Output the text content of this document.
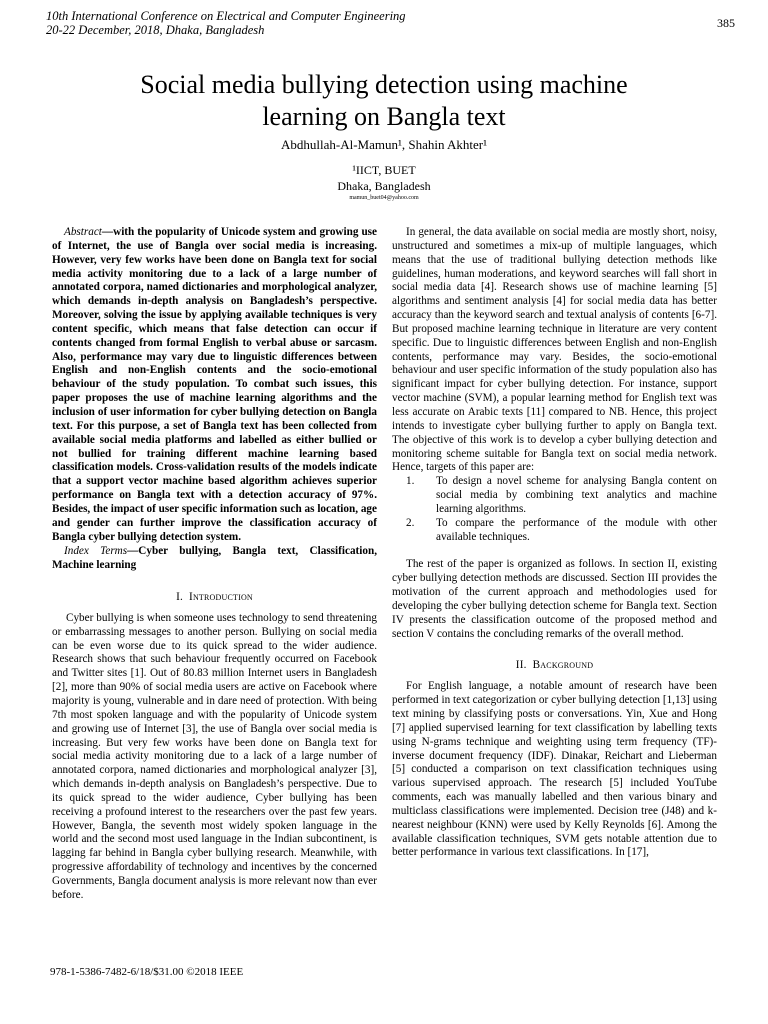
10th International Conference on Electrical and Computer Engineering
20-22 December, 2018, Dhaka, Bangladesh	385
Social media bullying detection using machine
learning on Bangla text
Abdhullah-Al-Mamun¹, Shahin Akhter¹
¹IICT, BUET
Dhaka, Bangladesh
mamun_buet04@yahoo.com

Abstract—with the popularity of Unicode system and growing use of Internet, the use of Bangla over social media is increasing. However, very few works have been done on Bangla text for social media activity monitoring due to a lack of a large number of annotated corpora, named dictionaries and morphological analyzer, which demands in-depth analysis on Bangladesh’s perspective. Moreover, solving the issue by applying available techniques is very content specific, which means that false detection can occur if contents changed from formal English to verbal abuse or sarcasm. Also, performance may vary due to linguistic differences between English and non-English contents and the socio-emotional behaviour of the study population. To combat such issues, this paper proposes the use of machine learning algorithms and the inclusion of user information for cyber bullying detection on Bangla text. For this purpose, a set of Bangla text has been collected from available social media platforms and labelled as either bullied or not bullied for training different machine learning based classification models. Cross-validation results of the models indicate that a support vector machine based algorithm achieves superior performance on Bangla text with a detection accuracy of 97%. Besides, the impact of user specific information such as location, age and gender can further improve the classification accuracy of Bangla cyber bullying detection system.

Index Terms—Cyber bullying, Bangla text, Classification, Machine learning

I. Introduction

Cyber bullying is when someone uses technology to send threatening or embarrassing messages to another person. Bullying on social media can be even worse due to its quick spread to the wider audience. Research shows that such behaviour frequently occurred on Facebook and Twitter sites [1]. Out of 80.83 million Internet users in Bangladesh [2], more than 90% of social media users are active on Facebook where majority is young, vulnerable and in dare need of protection. With being 7th most spoken language and with the popularity of Unicode system and growing use of Internet [3], the use of Bangla over social media is increasing. But very few works have been done on Bangla text for social media activity monitoring due to a lack of a large number of annotated corpora, named dictionaries and morphological analyzer [3], which demands in-depth analysis on Bangladesh’s perspective. Due to its quick spread to the wider audience, Cyber bullying has been receiving a profound interest to the researchers over the past few years. However, Bangla, the seventh most widely spoken language in the world and the second most used language in the Indian subcontinent, is lagging far behind in Bangla cyber bullying research. Meanwhile, with progressive affordability of technology and incentives by the concerned Governments, Bangla document analysis is more relevant now than ever before.

In general, the data available on social media are mostly short, noisy, unstructured and sometimes a mix-up of multiple languages, which means that the use of traditional bullying detection methods like guidelines, human moderations, and keyword searches will fall short in social media data [4]. Research shows use of machine learning [5] algorithms and sentiment analysis [4] for social media data has better accuracy than the keyword search and textual analysis of contents [6-7]. But proposed machine learning technique in literature are very content specific. Due to linguistic differences between English and non-English contents, performance may vary. Besides, the socio-emotional behaviour and user specific information of the study population also has significant impact for cyber bullying detection. For instance, support vector machine (SVM), a popular learning method for English text was less accurate on Arabic texts [11] compared to NB. Hence, this project intends to investigate cyber bullying further to apply on Bangla text. The objective of this work is to develop a cyber bullying detection and monitoring scheme suitable for Bangla text on social media network. Hence, targets of this paper are:

1.	To design a novel scheme for analysing Bangla content on social media by combining text analytics and machine learning algorithms.
2.	To compare the performance of the module with other available techniques.

The rest of the paper is organized as follows. In section II, existing cyber bullying detection methods are discussed. Section III provides the motivation of the current approach and methodologies used for developing the cyber bullying detection scheme for Bangla text. Section IV presents the classification outcome of the proposed method and section V contains the concluding remarks of the overall method.

II. Background

For English language, a notable amount of research have been performed in text categorization or cyber bullying detection [1,13] using text mining by classifying posts or conversations. Yin, Xue and Hong [7] applied supervised learning for text classification by labelling texts using N-grams technique and weighting using term frequency (TF)-inverse document frequency (IDF). Dinakar, Reichart and Lieberman [5] conducted a comparison on text classification techniques using various supervised approach. The research [5] included YouTube comments, each was manually labelled and then various binary and multiclass classifications were implemented. Decision tree (J48) and k-nearest neighbour (KNN) were used by Kelly Reynolds [6]. Among the available classification techniques, SVM gets notable attention due to better performance in various text classifications. In [17],

978-1-5386-7482-6/18/$31.00 ©2018 IEEE
